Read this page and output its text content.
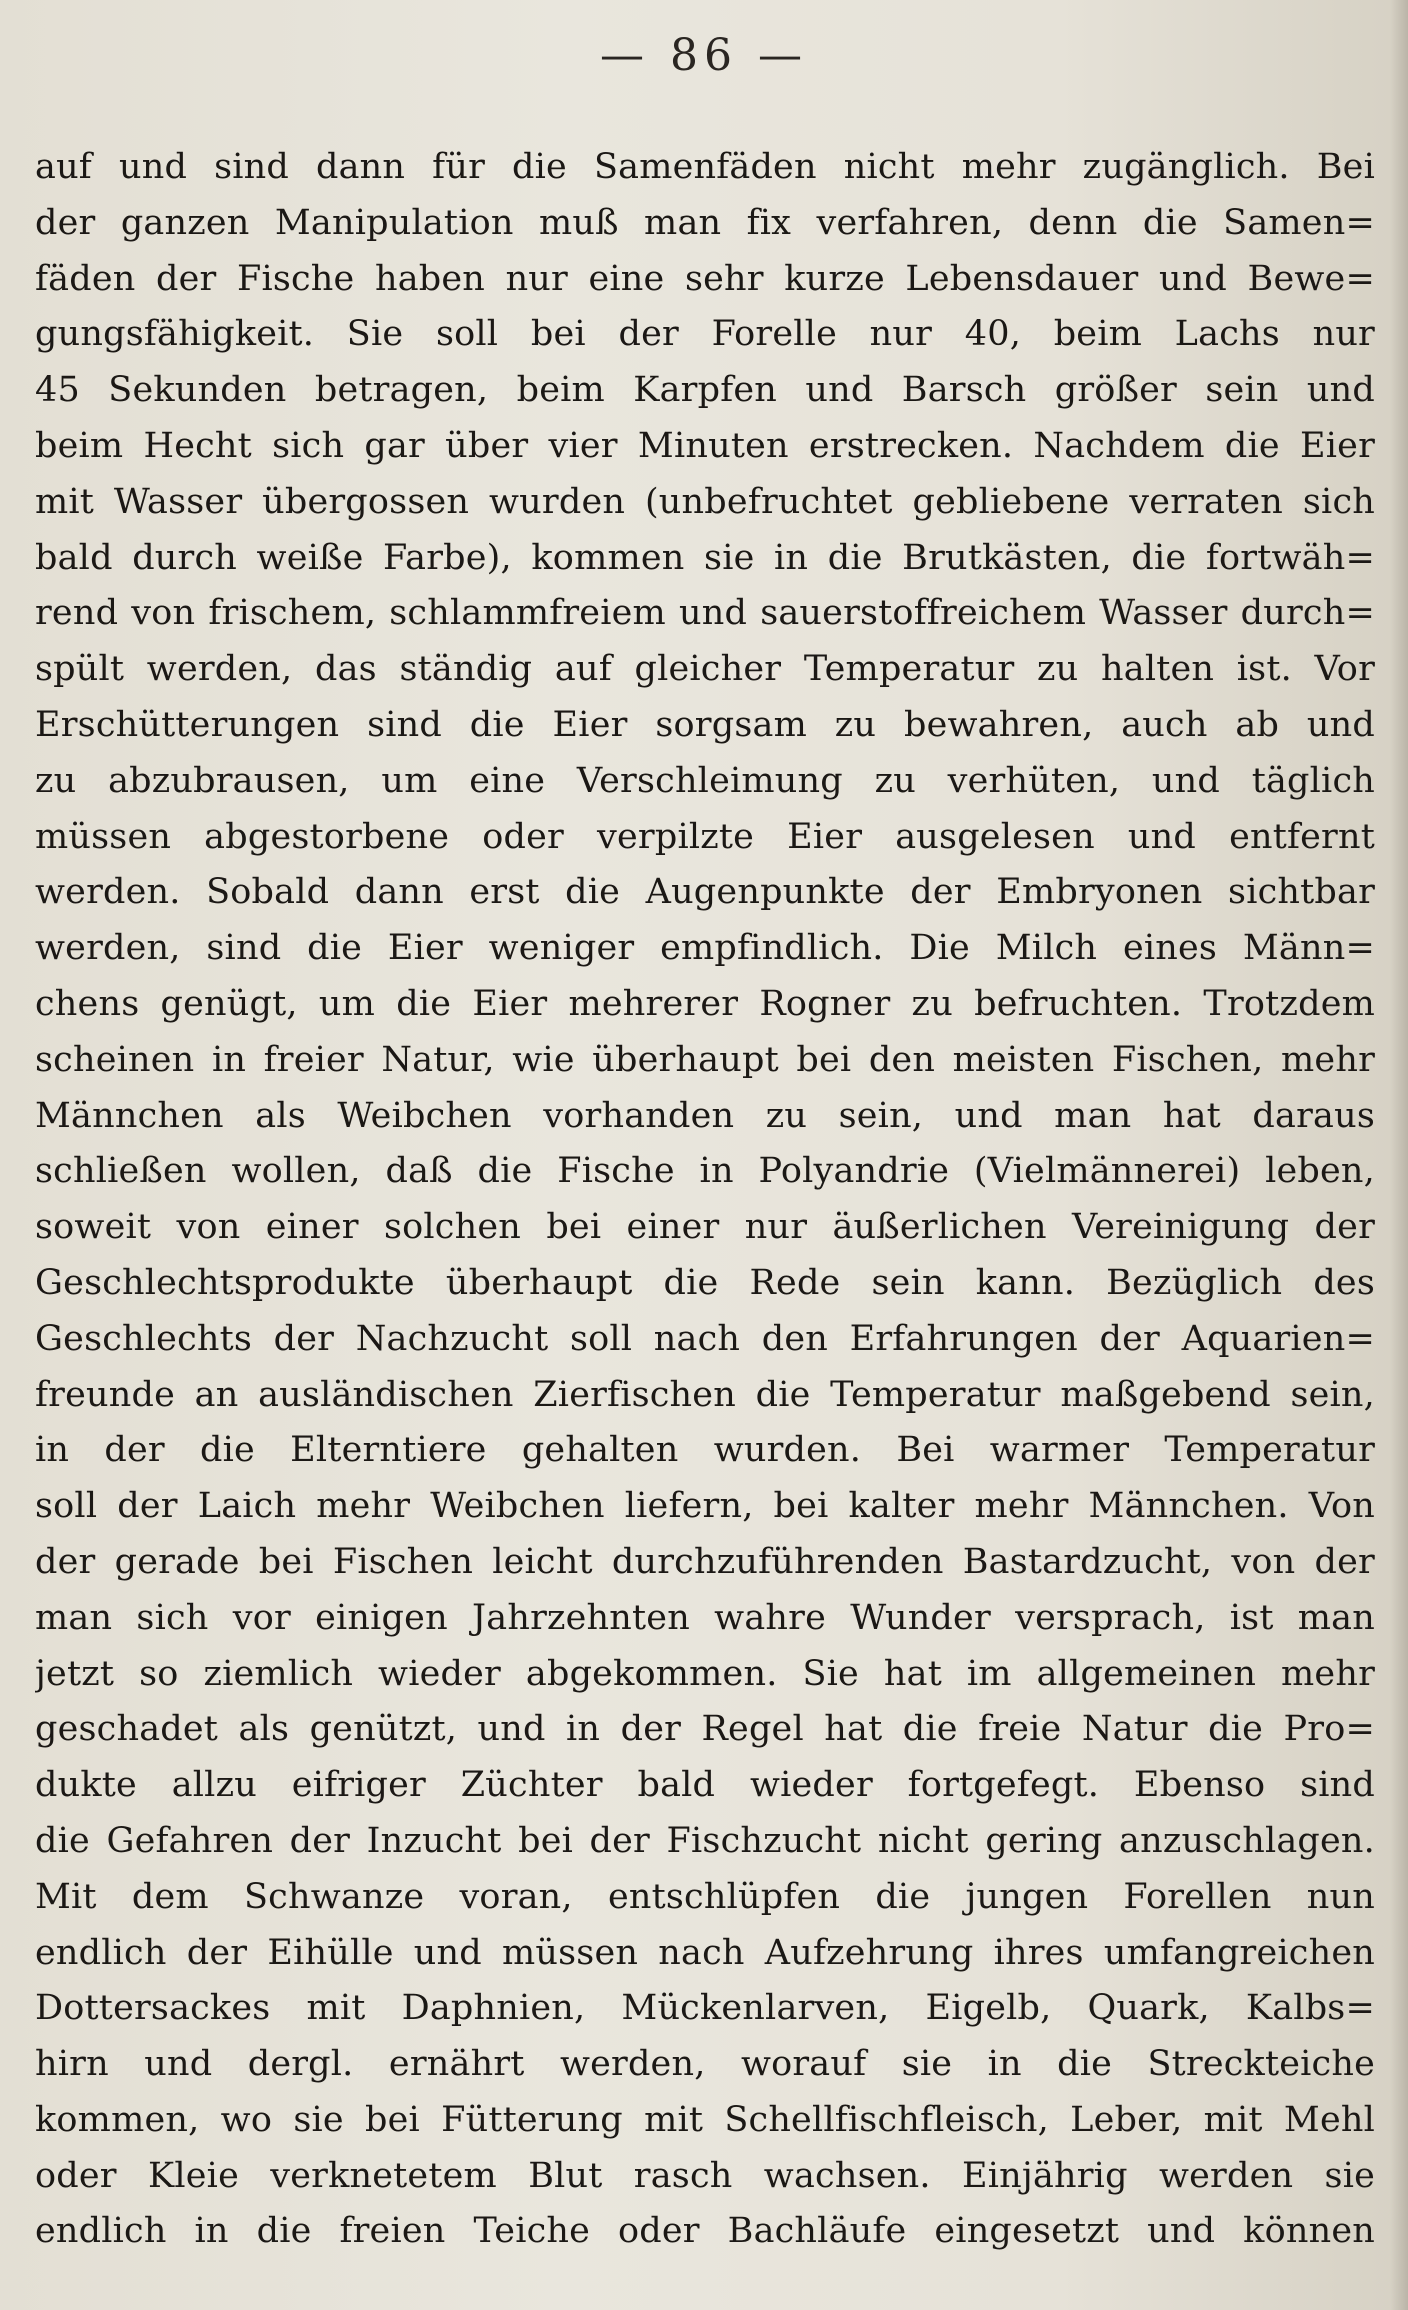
— 86 —
auf und sind dann für die Samenfäden nicht mehr zugänglich. Bei
der ganzen Manipulation muß man fix verfahren, denn die Samen=
fäden der Fische haben nur eine sehr kurze Lebensdauer und Bewe=
gungsfähigkeit. Sie soll bei der Forelle nur 40, beim Lachs nur
45 Sekunden betragen, beim Karpfen und Barsch größer sein und
beim Hecht sich gar über vier Minuten erstrecken. Nachdem die Eier
mit Wasser übergossen wurden (unbefruchtet gebliebene verraten sich
bald durch weiße Farbe), kommen sie in die Brutkästen, die fortwäh=
rend von frischem, schlammfreiem und sauerstoffreichem Wasser durch=
spült werden, das ständig auf gleicher Temperatur zu halten ist. Vor
Erschütterungen sind die Eier sorgsam zu bewahren, auch ab und
zu abzubrausen, um eine Verschleimung zu verhüten, und täglich
müssen abgestorbene oder verpilzte Eier ausgelesen und entfernt
werden. Sobald dann erst die Augenpunkte der Embryonen sichtbar
werden, sind die Eier weniger empfindlich. Die Milch eines Männ=
chens genügt, um die Eier mehrerer Rogner zu befruchten. Trotzdem
scheinen in freier Natur, wie überhaupt bei den meisten Fischen, mehr
Männchen als Weibchen vorhanden zu sein, und man hat daraus
schließen wollen, daß die Fische in Polyandrie (Vielmännerei) leben,
soweit von einer solchen bei einer nur äußerlichen Vereinigung der
Geschlechtsprodukte überhaupt die Rede sein kann. Bezüglich des
Geschlechts der Nachzucht soll nach den Erfahrungen der Aquarien=
freunde an ausländischen Zierfischen die Temperatur maßgebend sein,
in der die Elterntiere gehalten wurden. Bei warmer Temperatur
soll der Laich mehr Weibchen liefern, bei kalter mehr Männchen. Von
der gerade bei Fischen leicht durchzuführenden Bastardzucht, von der
man sich vor einigen Jahrzehnten wahre Wunder versprach, ist man
jetzt so ziemlich wieder abgekommen. Sie hat im allgemeinen mehr
geschadet als genützt, und in der Regel hat die freie Natur die Pro=
dukte allzu eifriger Züchter bald wieder fortgefegt. Ebenso sind
die Gefahren der Inzucht bei der Fischzucht nicht gering anzuschlagen.
Mit dem Schwanze voran, entschlüpfen die jungen Forellen nun
endlich der Eihülle und müssen nach Aufzehrung ihres umfangreichen
Dottersackes mit Daphnien, Mückenlarven, Eigelb, Quark, Kalbs=
hirn und dergl. ernährt werden, worauf sie in die Streckteiche
kommen, wo sie bei Fütterung mit Schellfischfleisch, Leber, mit Mehl
oder Kleie verknetetem Blut rasch wachsen. Einjährig werden sie
endlich in die freien Teiche oder Bachläufe eingesetzt und können
